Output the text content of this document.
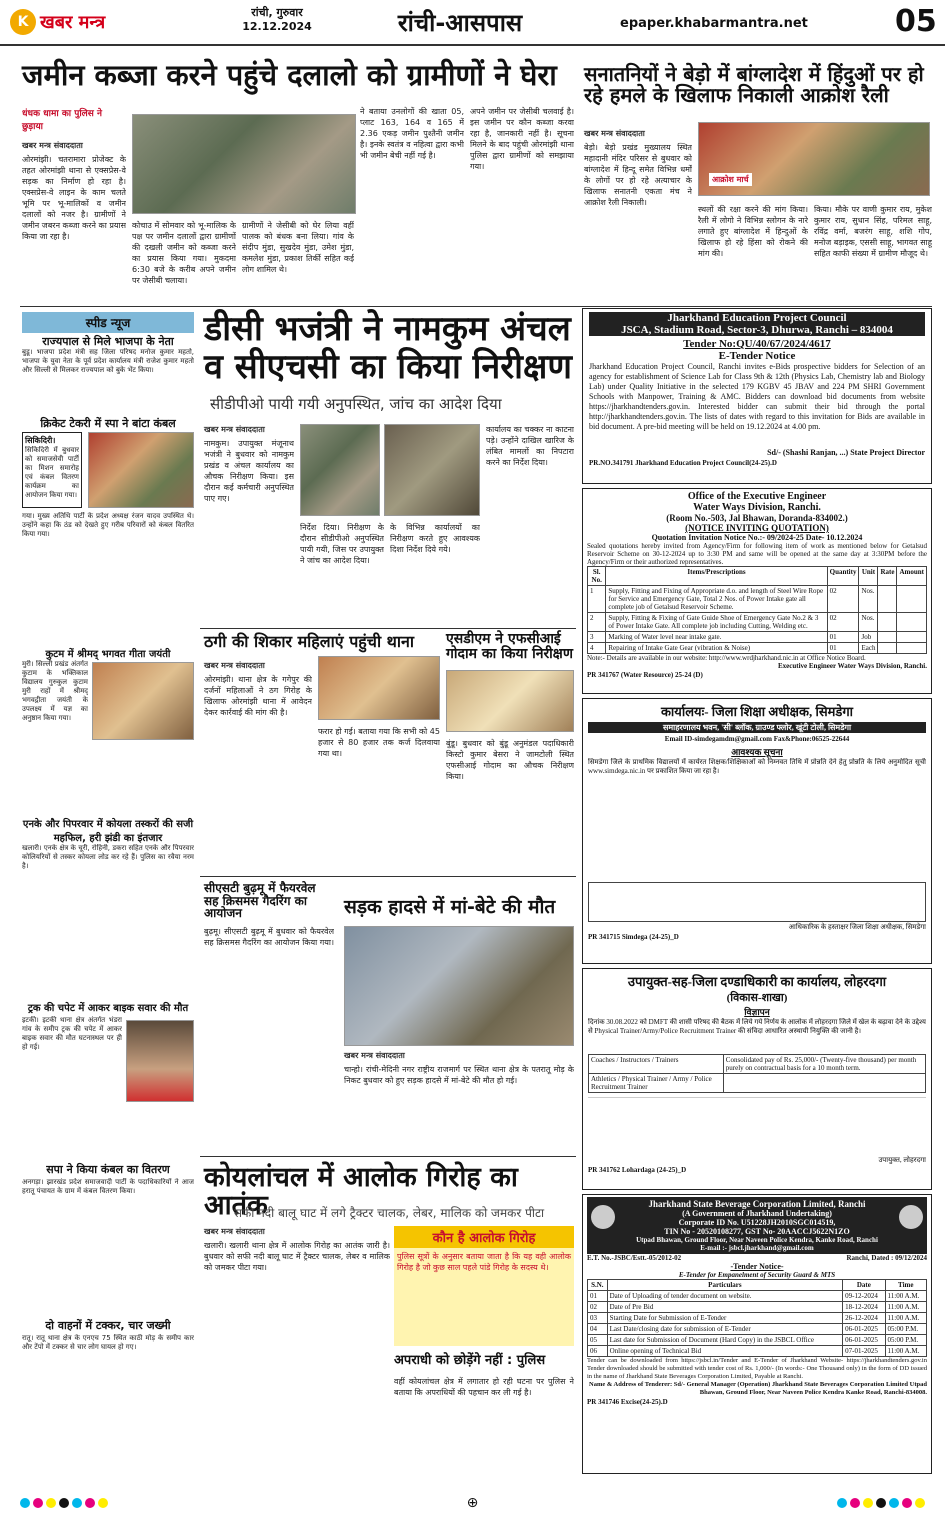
K खबर मन्त्र	रांची, गुरुवार
12.12.2024	रांची-आसपास	epaper.khabarmantra.net	05
जमीन कब्जा करने पहुंचे दलालो को ग्रामीणों ने घेरा
धंधक धामा का पुलिस ने छुड़ाया
खबर मन्त्र संवाददाता
ओरमांझी। चतरामारा प्रोजेक्ट के तहत ओरमांझी थाना से एक्सप्रेस-वे सड़क का निर्माण हो रहा है। एक्सप्रेस-वे लाइन के काम चलते भूमि पर भू-मालिकों व जमीन दलालों को नजर है। ग्रामीणों ने जमीन जबरन कब्जा करने का प्रयास किया जा रहा है।
कोचाउ में सोमवार को भू-मालिक के पक्ष पर जमीन दलालों द्वारा ग्रामीणों की दखली जमीन को कब्जा करने का प्रयास किया गया। मुकदमा 6:30 बजे के करीब अपने जमीन पर जेसीबी चलाया।
ग्रामीणों ने जेसीबी को घेर लिया वहीं पालक को बंधक बना लिया। गांव के संदीप मुंडा, सुखदेव मुंडा, उमेश मुंडा, कमलेश मुंडा, प्रकाश तिर्की सहित कई लोग शामिल थे।
ने बताया उनलोगों की खाता 05, प्लाट 163, 164 व 165 में 2.36 एकड़ जमीन पुश्तैनी जमीन है। इनके स्वतंत्र व नहित्वा द्वारा कभी भी जमीन बेची नहीं गई है।
अपने जमीन पर जेसीबी चलवाई है। इस जमीन पर कौन कब्जा करवा रहा है, जानकारी नहीं है। सूचना मिलने के बाद पहुंची ओरमांझी थाना पुलिस द्वारा ग्रामीणों को समझाया गया।
सनातनियों ने बेड़ो में बांग्लादेश में हिंदुओं पर हो रहे हमले के खिलाफ निकाली आक्रोश रैली
खबर मन्त्र संवाददाता
बेड़ो। बेड़ो प्रखंड मुख्यालय स्थित महादानी मंदिर परिसर से बुधवार को बांग्लादेश में हिन्दू समेत विभिन्न धर्मों के लोगों पर हो रहे अत्याचार के खिलाफ सनातनी एकता मंच ने आक्रोश रैली निकाली।
आक्रोश मार्च
स्थलों की रक्षा करने की मांग किया। रैली में लोगो ने विभिन्न स्लोगन के नारे लगाते हुए बांग्लादेश में हिन्दुओं के खिलाफ हो रहे हिंसा को रोकने की मांग की।
किया। मौके पर वाणी कुमार राय, मुकेश कुमार राय, सुधान सिंह, परिमल साहू, रविंद्र वर्मा, बजरंग साहू, शशि गोप, मनोज बड़ाइक, एससी साहू, भागवत साहू सहित काफी संख्या में ग्रामीण मौजूद थे।
स्पीड न्यूज
राज्यपाल से मिले भाजपा के नेता
बुडू। भाजपा प्रदेश मंत्री सह जिला परिषद मनोज कुमार महतो, भाजपा के युवा नेता के पूर्व प्रदेश कार्यालय मंत्री राजेश कुमार महतो और सिल्ली से मिलकर राज्यपाल को बुके भेंट किया।
क्रिकेट टेकरी में स्पा ने बांटा कंबल
सिकिदिरी।
सिकिदिरी में बुधवार को समाजसेवी पार्टी का मिशन समारोह एवं कंबल वितरण कार्यक्रम का आयोजन किया गया।
गया। मुख्य अतिथि पार्टी के प्रदेश अध्यक्ष रंजन यादव उपस्थित थे। उन्होंने कहा कि ठंड को देखते हुए गरीब परिवारों को कंबल वितरित किया गया।
कुटम में श्रीमद् भगवत गीता जयंती
मुरी। सिल्ली प्रखंड अंतर्गत कुटाम के भक्तिकाल विद्यालय गुरुकुल कुटाम मुरी राहों में श्रीमद् भगवद्गीता जयंती के उपलक्ष्य में यज्ञ का अनुष्ठान किया गया।
एनके और पिपरवार में कोयला तस्करों की सजी महफिल, हरी झंडी का इंतजार
खलारी। एनके क्षेत्र के चूरी, रोहिनी, डकरा सहित एनके और पिपरवार कोलियरियों से तस्कर कोयला लोड कर रहे हैं। पुलिस का रवैया नरम है।
ट्रक की चपेट में आकर बाइक सवार की मौत
इटकी। इटकी थाना क्षेत्र अंतर्गत भंडरा गांव के समीप ट्रक की चपेट में आकर बाइक सवार की मौत घटनास्थल पर ही हो गई।
सपा ने किया कंबल का वितरण
अनगड़ा। झारखंड प्रदेश समाजवादी पार्टी के पदाधिकारियों ने आज हरातू पंचायत के ग्राम में कंबल वितरण किया।
दो वाहनों में टक्कर, चार जख्मी
रातू। रातू थाना क्षेत्र के एनएच 75 स्थित काठी मोड़ के समीप कार और टेंपो में टक्कर से चार लोग घायल हो गए।
डीसी भजंत्री ने नामकुम अंचल
व सीएचसी का किया निरीक्षण
सीडीपीओ पायी गयी अनुपस्थित, जांच का आदेश दिया
खबर मन्त्र संवाददाता
नामकुम। उपायुक्त मंजूनाथ भजंत्री ने बुधवार को नामकुम प्रखंड व अंचल कार्यालय का औचक निरीक्षण किया। इस दौरान कई कर्मचारी अनुपस्थित पाए गए।
निर्देश दिया। निरीक्षण के दौरान सीडीपीओ अनुपस्थित पायी गयी, जिस पर उपायुक्त ने जांच का आदेश दिया।
के विभिन्न कार्यालयों का निरीक्षण करते हुए आवश्यक दिशा निर्देश दिये गये।
कार्यालय का चक्कर ना काटना पड़े। उन्होंने दाखिल खारिज के लंबित मामलों का निपटारा करने का निर्देश दिया।
ठगी की शिकार महिलाएं पहुंची थाना
खबर मन्त्र संवाददाता
ओरमांझी। थाना क्षेत्र के गगेपुर की दर्जनों महिलाओं ने ठग गिरोह के खिलाफ ओरमांझी थाना में आवेदन देकर कार्रवाई की मांग की है।
फरार हो गई। बताया गया कि सभी को 45 हजार से 80 हजार तक कर्ज दिलवाया गया था।
एसडीएम ने एफसीआई गोदाम का किया निरीक्षण
बुंडू। बुधवार को बुंडू अनुमंडल पदाधिकारी किस्टो कुमार बेसरा ने जामटोली स्थित एफसीआई गोदाम का औचक निरीक्षण किया।
सीएसटी बुढ़मू में फैयरवेल सह क्रिसमस गैदरिंग का आयोजन
बुढ़मू। सीएसटी बुढ़मू में बुधवार को फैयरवेल सह क्रिसमस गैदरिंग का आयोजन किया गया।
सड़क हादसे में मां-बेटे की मौत
खबर मन्त्र संवाददाता
चान्हो। रांची-मेदिनी नगर राष्ट्रीय राजमार्ग पर स्थित थाना क्षेत्र के पतरातू मोड़ के निकट बुधवार को हुए सड़क हादसे में मां-बेटे की मौत हो गई।
कोयलांचल में आलोक गिरोह का आतंक
सफी नदी बालू घाट में लगे ट्रैक्टर चालक, लेबर, मालिक को जमकर पीटा
खबर मन्त्र संवाददाता
खलारी। खलारी थाना क्षेत्र में आलोक गिरोह का आतंक जारी है। बुधवार को सफी नदी बालू घाट में ट्रैक्टर चालक, लेबर व मालिक को जमकर पीटा गया।
कौन है आलोक गिरोह
पुलिस सूत्रों के अनुसार बताया जाता है कि यह वही आलोक गिरोह है जो कुछ साल पहले पांडे गिरोह के सदस्य थे।
अपराधी को छोड़ेंगे नहीं : पुलिस
वहीं कोयलांचल क्षेत्र में लगातार हो रही घटना पर पुलिस ने बताया कि अपराधियों की पहचान कर ली गई है।
Jharkhand Education Project Council
JSCA, Stadium Road, Sector-3, Dhurwa, Ranchi – 834004
Tender No:QU/40/67/2024/4617
E-Tender Notice
Jharkhand Education Project Council, Ranchi invites e-Bids prospective bidders for Selection of an agency for establishment of Science Lab for Class 9th & 12th (Physics Lab, Chemistry lab and Biology Lab) under Quality Initiative in the selected 179 KGBV 45 JBAV and 224 PM SHRI Government Schools with Manpower, Training & AMC. Bidders can download bid documents from website https://jharkhandtenders.gov.in. Interested bidder can submit their bid through the portal http://jharkhandtenders.gov.in. The lists of dates with regard to this invitation for Bids are available in bid document. A pre-bid meeting will be held on 19.12.2024 at 4.00 pm.
Sd/- (Shashi Ranjan, ...) State Project Director
PR.NO.341791 Jharkhand Education Project Council(24-25).D
Office of the Executive Engineer
Water Ways Division, Ranchi.
(Room No.-503, Jal Bhawan, Doranda-834002.)
(NOTICE INVITING QUOTATION)
Quotation Invitation Notice No.:- 09/2024-25 Date- 10.12.2024
Sealed quotations hereby invited from Agency/Firm for following item of work as mentioned below for Getalsud Reservoir Scheme on 30-12-2024 up to 3:30 PM and same will be opened at the same day at 3:30PM before the Agency/Firm or their authorized representatives.
Sl. No.	Items/Prescriptions	Quantity	Unit	Rate	Amount
1	Supply, Fitting and Fixing of Appropriate d.o. and length of Steel Wire Rope for Service and Emergency Gate, Total 2 Nos. of Power Intake gate all complete job of Getalsud Reservoir Scheme.	02	Nos.		
2	Supply, Fitting & Fixing of Gate Guide Shoe of Emergency Gate No.2 & 3 of Power Intake Gate. All complete job including Cutting, Welding etc.	02	Nos.		
3	Marking of Water level near intake gate.	01	Job		
4	Repairing of Intake Gate Gear (vibration & Noise)	01	Each		
Note:- Details are available in our website: http://www.wrdjharkhand.nic.in at Office Notice Board.
Executive Engineer Water Ways Division, Ranchi.
PR 341767 (Water Resource) 25-24 (D)
कार्यालयः- जिला शिक्षा अधीक्षक, सिमडेगा
समाहरणालय भवन, 'सी' ब्लॉक, ग्राउण्ड फ्लोर, खूंटी टोली, सिमडेगा
Email ID-simdegamdm@gmail.com Fax&Phone:06525-22644
आवश्यक सूचना
सिमडेगा जिले के प्राथमिक विद्यालयों में कार्यरत शिक्षक/शिक्षिकाओं को निम्नवत तिथि में प्रोन्नति देने हेतु प्रोन्नति के लिये अनुमोदित सूची www.simdega.nic.in पर प्रकाशित किया जा रहा है।
आधिकारिक के हस्ताक्षर जिला शिक्षा अधीक्षक, सिमडेगा
PR 341715 Simdega (24-25)_D
उपायुक्त-सह-जिला दण्डाधिकारी का कार्यालय, लोहरदगा
(विकास-शाखा)
विज्ञापन
दिनांक 30.08.2022 को DMFT की शासी परिषद की बैठक में लिये गये निर्णय के आलोक में लोहरदगा जिले में खेल के बढ़ावा देने के उद्देश्य से Physical Trainer/Army/Police Recruitment Trainer की संविदा आधारित अस्थायी नियुक्ति की जानी है।
Coaches / Instructors / Trainers	Consolidated pay of Rs. 25,000/- (Twenty-five thousand) per month purely on contractual basis for a 10 month term.
Athletics / Physical Trainer / Army / Police Recruitment Trainer	
उपायुक्त, लोहरदगा
PR 341762 Lohardaga (24-25)_D
Jharkhand State Beverage Corporation Limited, Ranchi
(A Government of Jharkhand Undertaking)
Corporate ID No. U51228JH2010SGC014519,
TIN No - 20520108277, GST No- 20AACCJ5622N1ZO
Utpad Bhawan, Ground Floor, Near Naveen Police Kendra, Kanke Road, Ranchi
E-mail :- jsbcl.jharkhand@gmail.com
E.T. No.-JSBC/Estt.-05/2012-02	Ranchi, Dated : 09/12/2024
-Tender Notice-
E-Tender for Empanelment of Security Guard & MTS
S.N.	Particulars	Date	Time
01	Date of Uploading of tender document on website.	09-12-2024	11:00 A.M.
02	Date of Pre Bid	18-12-2024	11:00 A.M.
03	Starting Date for Submission of E-Tender	26-12-2024	11:00 A.M.
04	Last Date/closing date for submission of E-Tender	06-01-2025	05:00 P.M.
05	Last date for Submission of Document (Hard Copy) in the JSBCL Office	06-01-2025	05:00 P.M.
06	Online opening of Technical Bid	07-01-2025	11:00 A.M.
Tender can be downloaded from https://jsbcl.in/Tender and E-Tender of Jharkhand Website- https://jharkhandtenders.gov.in Tender downloaded should be submitted with tender cost of Rs. 1,000/- (In words:- One Thousand only) in the form of DD issued in the name of Jharkhand State Beverages Corporation Limited, Payable at Ranchi.
Name & Address of Tenderer: Sd/- General Manager (Operation) Jharkhand State Beverages Corporation Limited Utpad Bhawan, Ground Floor, Near Naveen Police Kendra Kanke Road, Ranchi-834008.
PR 341746 Excise(24-25).D
⊕
